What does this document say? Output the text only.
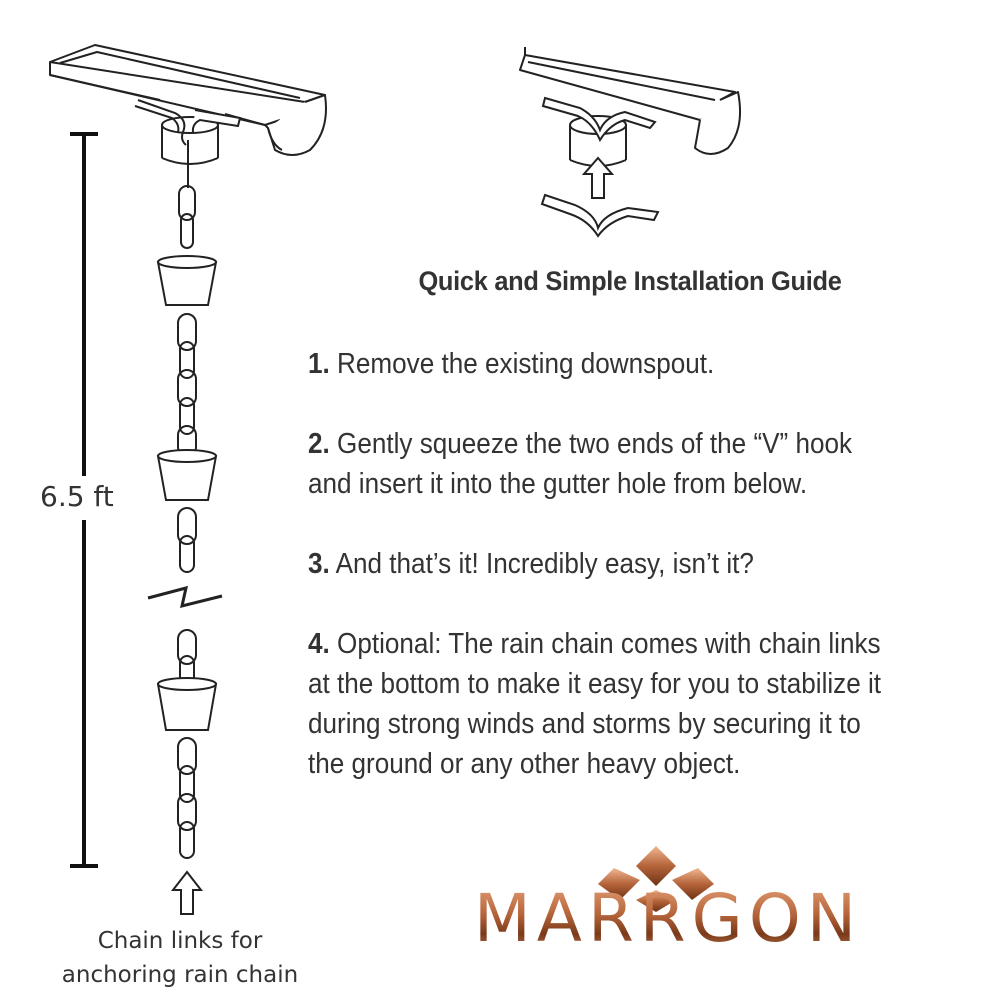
Quick and Simple Installation Guide
1. Remove the existing downspout.
2. Gently squeeze the two ends of the “V” hook
and insert it into the gutter hole from below.
3. And that’s it! Incredibly easy, isn’t it?
4. Optional: The rain chain comes with chain links
at the bottom to make it easy for you to stabilize it
during strong winds and storms by securing it to
the ground or any other heavy object.
6.5 ft
Chain links for
anchoring rain chain
MARRGON
